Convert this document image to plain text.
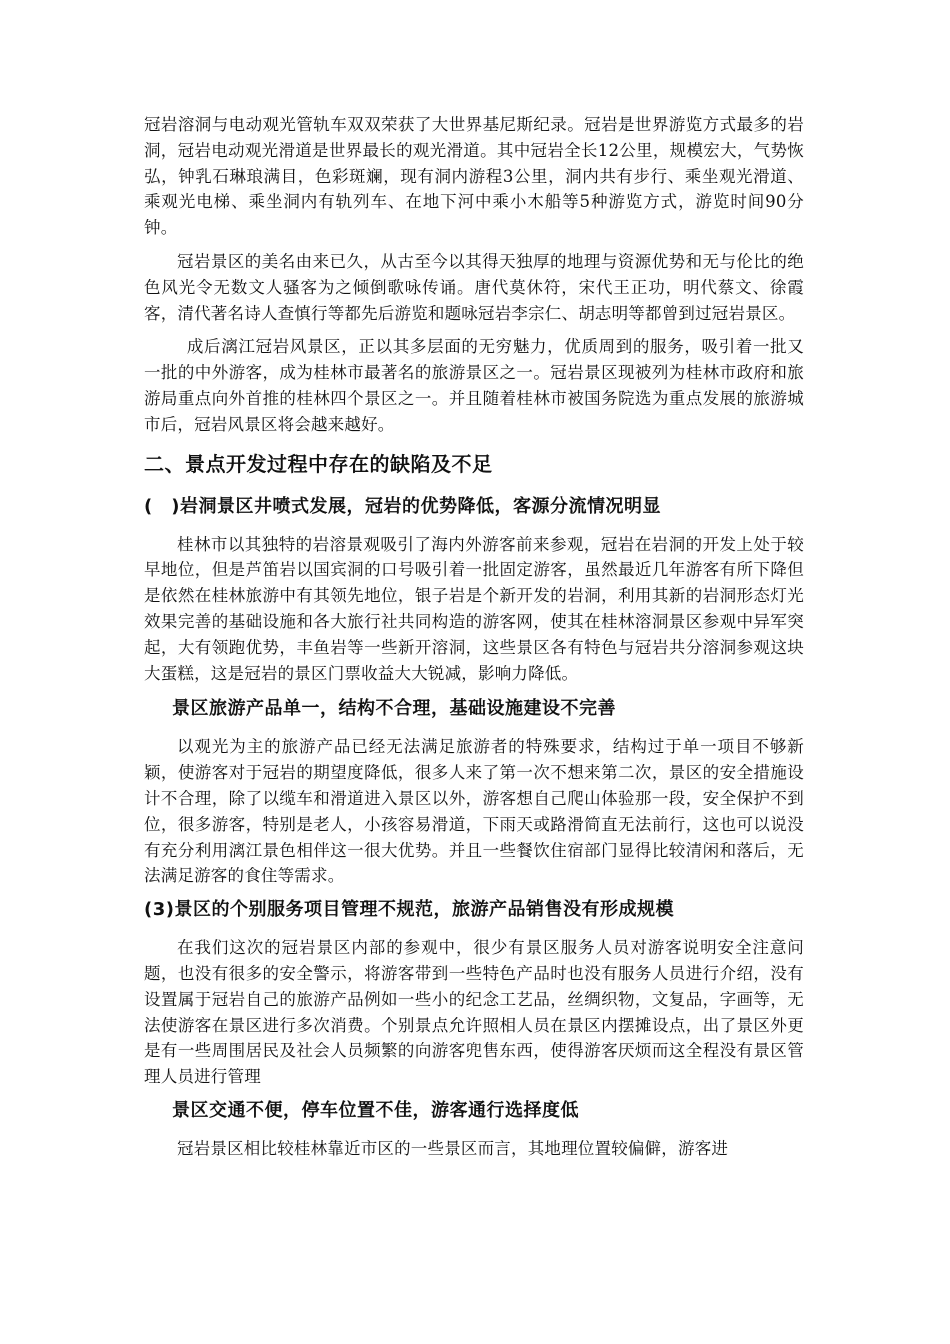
冠岩溶洞与电动观光管轨车双双荣获了大世界基尼斯纪录。冠岩是世界游览方式最多的岩洞，冠岩电动观光滑道是世界最长的观光滑道。其中冠岩全长12公里，规模宏大，气势恢弘，钟乳石琳琅满目，色彩斑斓，现有洞内游程3公里，洞内共有步行、乘坐观光滑道、乘观光电梯、乘坐洞内有轨列车、在地下河中乘小木船等5种游览方式，游览时间90分钟。

冠岩景区的美名由来已久，从古至今以其得天独厚的地理与资源优势和无与伦比的绝色风光令无数文人骚客为之倾倒歌咏传诵。唐代莫休符，宋代王正功，明代蔡文、徐霞客，清代著名诗人查慎行等都先后游览和题咏冠岩李宗仁、胡志明等都曾到过冠岩景区。

成后漓江冠岩风景区，正以其多层面的无穷魅力，优质周到的服务，吸引着一批又一批的中外游客，成为桂林市最著名的旅游景区之一。冠岩景区现被列为桂林市政府和旅游局重点向外首推的桂林四个景区之一。并且随着桂林市被国务院选为重点发展的旅游城市后，冠岩风景区将会越来越好。

二、景点开发过程中存在的缺陷及不足
(　)岩洞景区井喷式发展，冠岩的优势降低，客源分流情况明显

桂林市以其独特的岩溶景观吸引了海内外游客前来参观，冠岩在岩洞的开发上处于较早地位，但是芦笛岩以国宾洞的口号吸引着一批固定游客，虽然最近几年游客有所下降但是依然在桂林旅游中有其领先地位，银子岩是个新开发的岩洞，利用其新的岩洞形态灯光效果完善的基础设施和各大旅行社共同构造的游客网，使其在桂林溶洞景区参观中异军突起，大有领跑优势，丰鱼岩等一些新开溶洞，这些景区各有特色与冠岩共分溶洞参观这块大蛋糕，这是冠岩的景区门票收益大大锐减，影响力降低。

景区旅游产品单一，结构不合理，基础设施建设不完善

以观光为主的旅游产品已经无法满足旅游者的特殊要求，结构过于单一项目不够新颖，使游客对于冠岩的期望度降低，很多人来了第一次不想来第二次，景区的安全措施设计不合理，除了以缆车和滑道进入景区以外，游客想自己爬山体验那一段，安全保护不到位，很多游客，特别是老人，小孩容易滑道，下雨天或路滑简直无法前行，这也可以说没有充分利用漓江景色相伴这一很大优势。并且一些餐饮住宿部门显得比较清闲和落后，无法满足游客的食住等需求。

(3)景区的个别服务项目管理不规范，旅游产品销售没有形成规模

在我们这次的冠岩景区内部的参观中，很少有景区服务人员对游客说明安全注意问题，也没有很多的安全警示，将游客带到一些特色产品时也没有服务人员进行介绍，没有设置属于冠岩自己的旅游产品例如一些小的纪念工艺品，丝绸织物，文复品，字画等，无法使游客在景区进行多次消费。个别景点允许照相人员在景区内摆摊设点，出了景区外更是有一些周围居民及社会人员频繁的向游客兜售东西，使得游客厌烦而这全程没有景区管理人员进行管理

景区交通不便，停车位置不佳，游客通行选择度低

冠岩景区相比较桂林靠近市区的一些景区而言，其地理位置较偏僻，游客进
